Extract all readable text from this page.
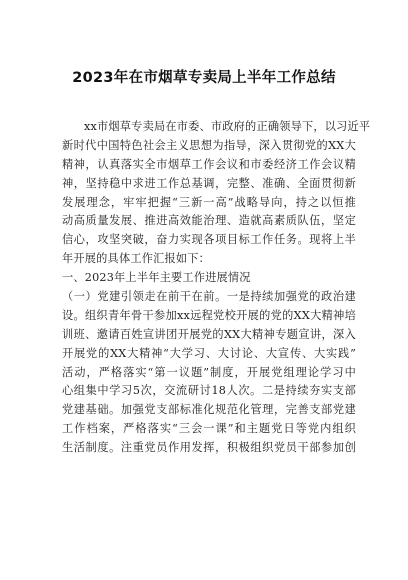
2023年在市烟草专卖局上半年工作总结
xx市烟草专卖局在市委、市政府的正确领导下，以习近平
新时代中国特色社会主义思想为指导，深入贯彻党的XX大
精神，认真落实全市烟草工作会议和市委经济工作会议精
神，坚持稳中求进工作总基调，完整、准确、全面贯彻新
发展理念，牢牢把握“三新一高”战略导向，持之以恒推
动高质量发展、推进高效能治理、造就高素质队伍，坚定
信心，攻坚突破，奋力实现各项目标工作任务。现将上半
年开展的具体工作汇报如下：
一、2023年上半年主要工作进展情况
（一）党建引领走在前干在前。一是持续加强党的政治建
设。组织青年骨干参加xx远程党校开展的党的XX大精神培
训班、邀请百姓宣讲团开展党的XX大精神专题宣讲，深入
开展党的XX大精神“大学习、大讨论、大宣传、大实践”
活动，严格落实“第一议题”制度，开展党组理论学习中
心组集中学习5次，交流研讨18人次。二是持续夯实支部
党建基础。加强党支部标准化规范化管理，完善支部党建
工作档案，严格落实“三会一课”和主题党日等党内组织
生活制度。注重党员作用发挥，积极组织党员干部参加创
